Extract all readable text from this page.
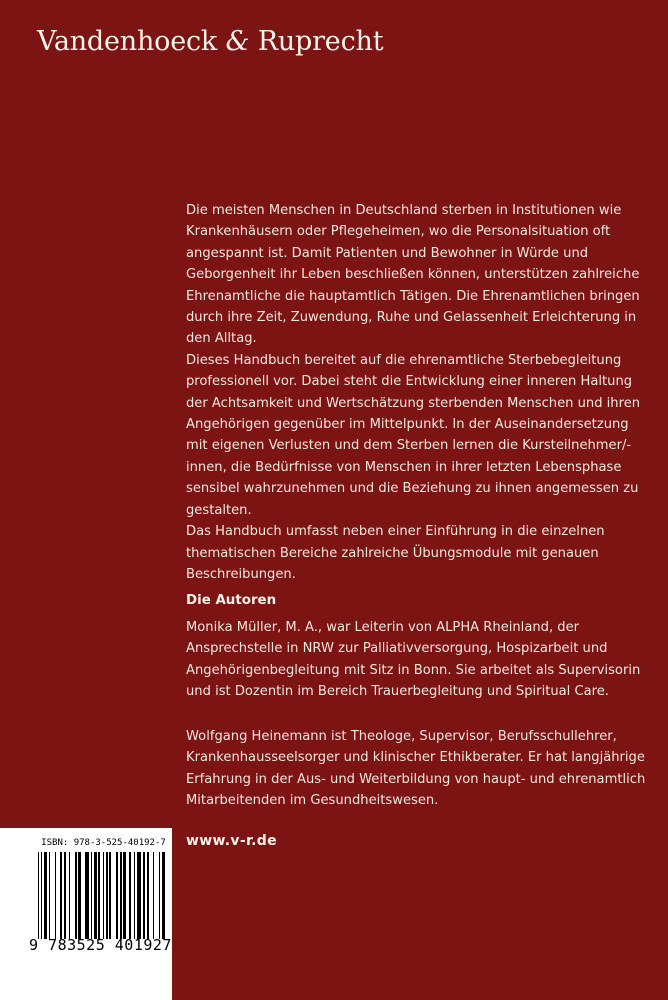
Vandenhoeck & Ruprecht

Die meisten Menschen in Deutschland sterben in Institutionen wie Krankenhäusern oder Pflegeheimen, wo die Personalsituation oft angespannt ist. Damit Patienten und Bewohner in Würde und Geborgenheit ihr Leben beschließen können, unterstützen zahlreiche Ehrenamtliche die hauptamtlich Tätigen. Die Ehrenamtlichen bringen durch ihre Zeit, Zuwendung, Ruhe und Gelassenheit Erleichterung in den Alltag.

Dieses Handbuch bereitet auf die ehrenamtliche Sterbebegleitung professionell vor. Dabei steht die Entwicklung einer inneren Haltung der Achtsamkeit und Wertschätzung sterbenden Menschen und ihren Angehörigen gegenüber im Mittelpunkt. In der Auseinandersetzung mit eigenen Verlusten und dem Sterben lernen die Kursteilnehmer/-innen, die Bedürfnisse von Menschen in ihrer letzten Lebensphase sensibel wahrzunehmen und die Beziehung zu ihnen angemessen zu gestalten.

Das Handbuch umfasst neben einer Einführung in die einzelnen thematischen Bereiche zahlreiche Übungsmodule mit genauen Beschreibungen.

Die Autoren

Monika Müller, M. A., war Leiterin von ALPHA Rheinland, der Ansprechstelle in NRW zur Palliativversorgung, Hospizarbeit und Angehörigenbegleitung mit Sitz in Bonn. Sie arbeitet als Supervisorin und ist Dozentin im Bereich Trauerbegleitung und Spiritual Care.

Wolfgang Heinemann ist Theologe, Supervisor, Berufsschullehrer, Krankenhausseelsorger und klinischer Ethikberater. Er hat langjährige Erfahrung in der Aus- und Weiterbildung von haupt- und ehrenamtlich Mitarbeitenden im Gesundheitswesen.

www.v-r.de
ISBN: 978-3-525-40192-7
9 783525 401927
